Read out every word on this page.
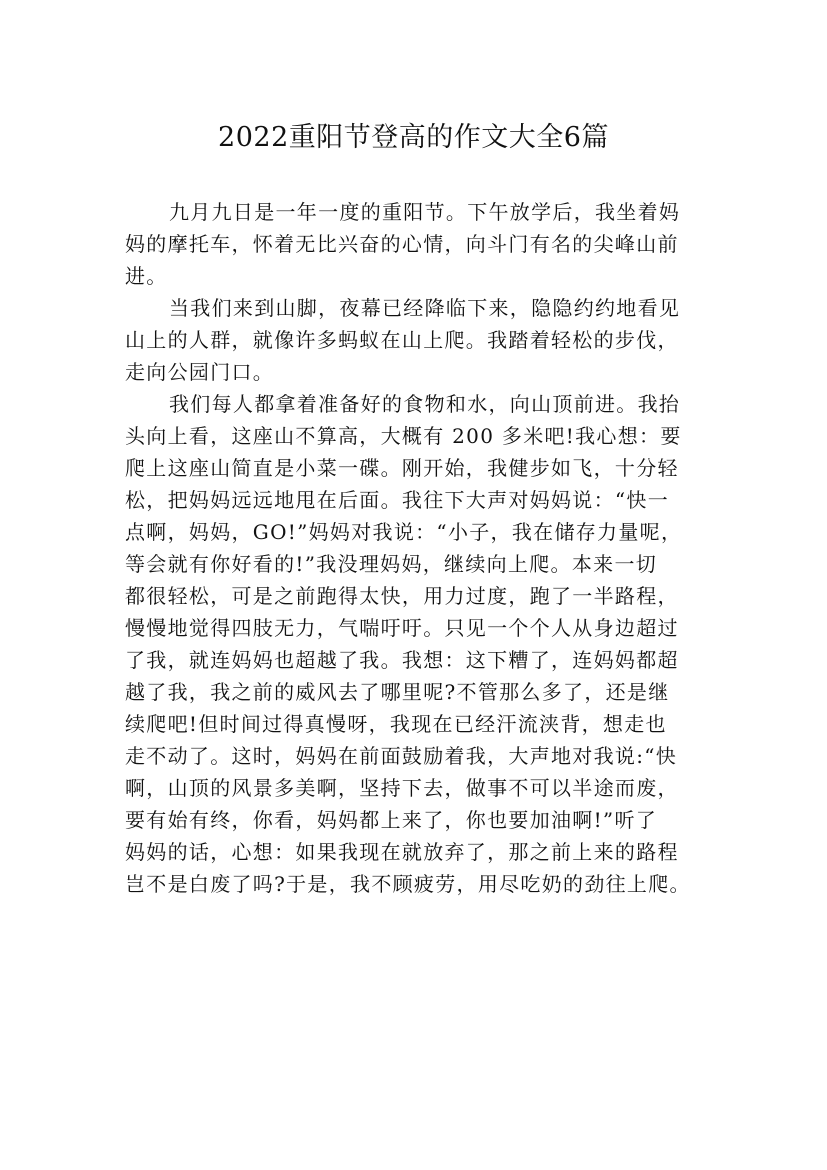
2022重阳节登高的作文大全6篇

九月九日是一年一度的重阳节。下午放学后，我坐着妈
妈的摩托车，怀着无比兴奋的心情，向斗门有名的尖峰山前
进。

当我们来到山脚，夜幕已经降临下来，隐隐约约地看见
山上的人群，就像许多蚂蚁在山上爬。我踏着轻松的步伐，
走向公园门口。

我们每人都拿着准备好的食物和水，向山顶前进。我抬
头向上看，这座山不算高，大概有 200 多米吧!我心想：要
爬上这座山简直是小菜一碟。刚开始，我健步如飞，十分轻
松，把妈妈远远地甩在后面。我往下大声对妈妈说：“快一
点啊，妈妈，GO!”妈妈对我说：“小子，我在储存力量呢，
等会就有你好看的!”我没理妈妈，继续向上爬。本来一切
都很轻松，可是之前跑得太快，用力过度，跑了一半路程，
慢慢地觉得四肢无力，气喘吁吁。只见一个个人从身边超过
了我，就连妈妈也超越了我。我想：这下糟了，连妈妈都超
越了我，我之前的威风去了哪里呢?不管那么多了，还是继
续爬吧!但时间过得真慢呀，我现在已经汗流浃背，想走也
走不动了。这时，妈妈在前面鼓励着我，大声地对我说:“快
啊，山顶的风景多美啊，坚持下去，做事不可以半途而废，
要有始有终，你看，妈妈都上来了，你也要加油啊!”听了
妈妈的话，心想：如果我现在就放弃了，那之前上来的路程
岂不是白废了吗?于是，我不顾疲劳，用尽吃奶的劲往上爬。
